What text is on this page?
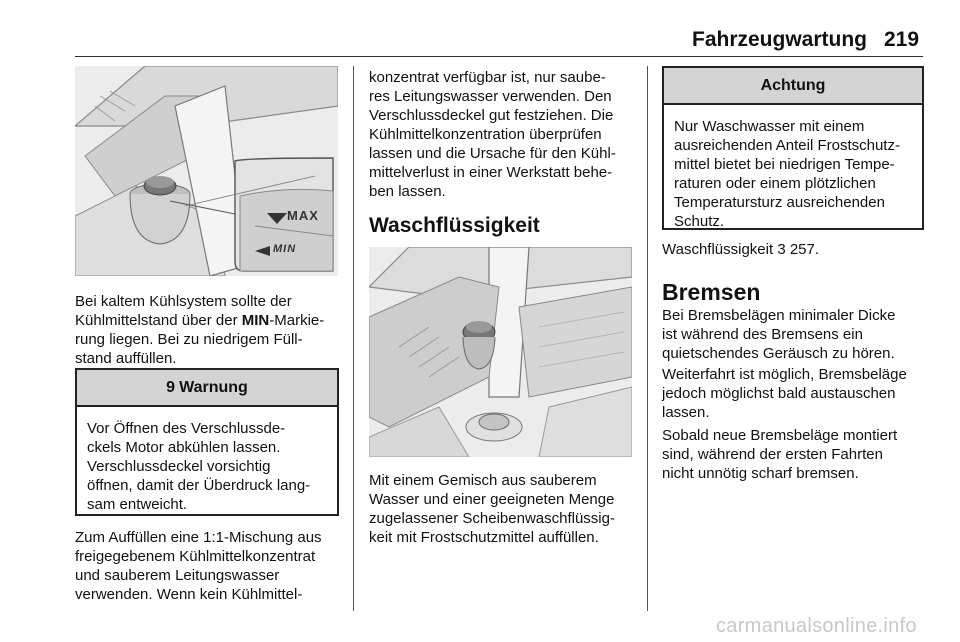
Fahrzeugwartung 219
MAX
MIN

Bei kaltem Kühlsystem sollte der
Kühlmittelstand über der MIN-Markie-
rung liegen. Bei zu niedrigem Füll-
stand auffüllen.

9 Warnung
Vor Öffnen des Verschlussde-
ckels Motor abkühlen lassen.
Verschlussdeckel vorsichtig
öffnen, damit der Überdruck lang-
sam entweicht.

Zum Auffüllen eine 1:1-Mischung aus
freigegebenem Kühlmittelkonzentrat
und sauberem Leitungswasser
verwenden. Wenn kein Kühlmittel-

konzentrat verfügbar ist, nur saube-
res Leitungswasser verwenden. Den
Verschlussdeckel gut festziehen. Die
Kühlmittelkonzentration überprüfen
lassen und die Ursache für den Kühl-
mittelverlust in einer Werkstatt behe-
ben lassen.

Waschflüssigkeit

Mit einem Gemisch aus sauberem
Wasser und einer geeigneten Menge
zugelassener Scheibenwaschflüssig-
keit mit Frostschutzmittel auffüllen.

Achtung
Nur Waschwasser mit einem
ausreichenden Anteil Frostschutz-
mittel bietet bei niedrigen Tempe-
raturen oder einem plötzlichen
Temperatursturz ausreichenden
Schutz.

Waschflüssigkeit 3 257.

Bremsen

Bei Bremsbelägen minimaler Dicke
ist während des Bremsens ein
quietschendes Geräusch zu hören.

Weiterfahrt ist möglich, Bremsbeläge
jedoch möglichst bald austauschen
lassen.

Sobald neue Bremsbeläge montiert
sind, während der ersten Fahrten
nicht unnötig scharf bremsen.

carmanualsonline.info
